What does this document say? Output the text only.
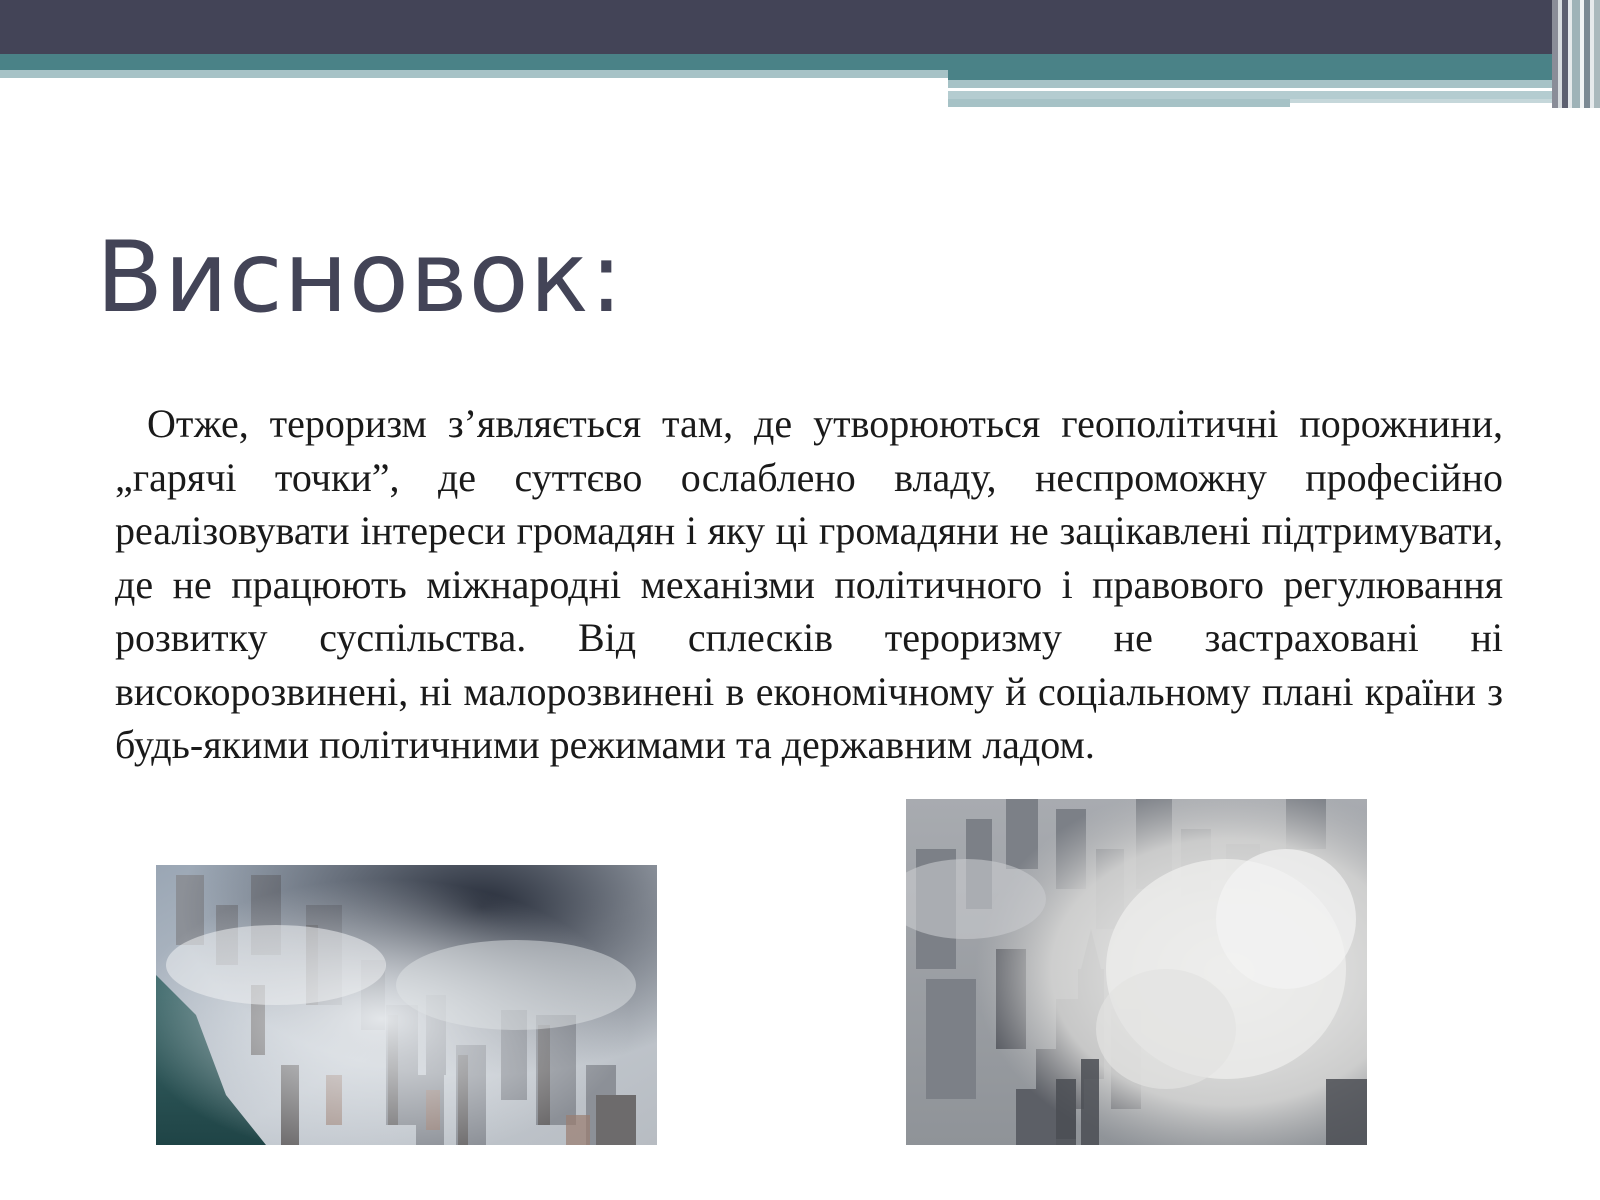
Висновок:

Отже, тероризм з’являється там, де утворюються геополітичні порожнини, „гарячі точки”, де суттєво ослаблено владу, неспроможну професійно реалізовувати інтереси громадян і яку ці громадяни не зацікавлені підтримувати, де не працюють міжнародні механізми політичного і правового регулювання розвитку суспільства. Від сплесків тероризму не застраховані ні високорозвинені, ні малорозвинені в економічному й соціальному плані країни з будь-якими політичними режимами та державним ладом.
